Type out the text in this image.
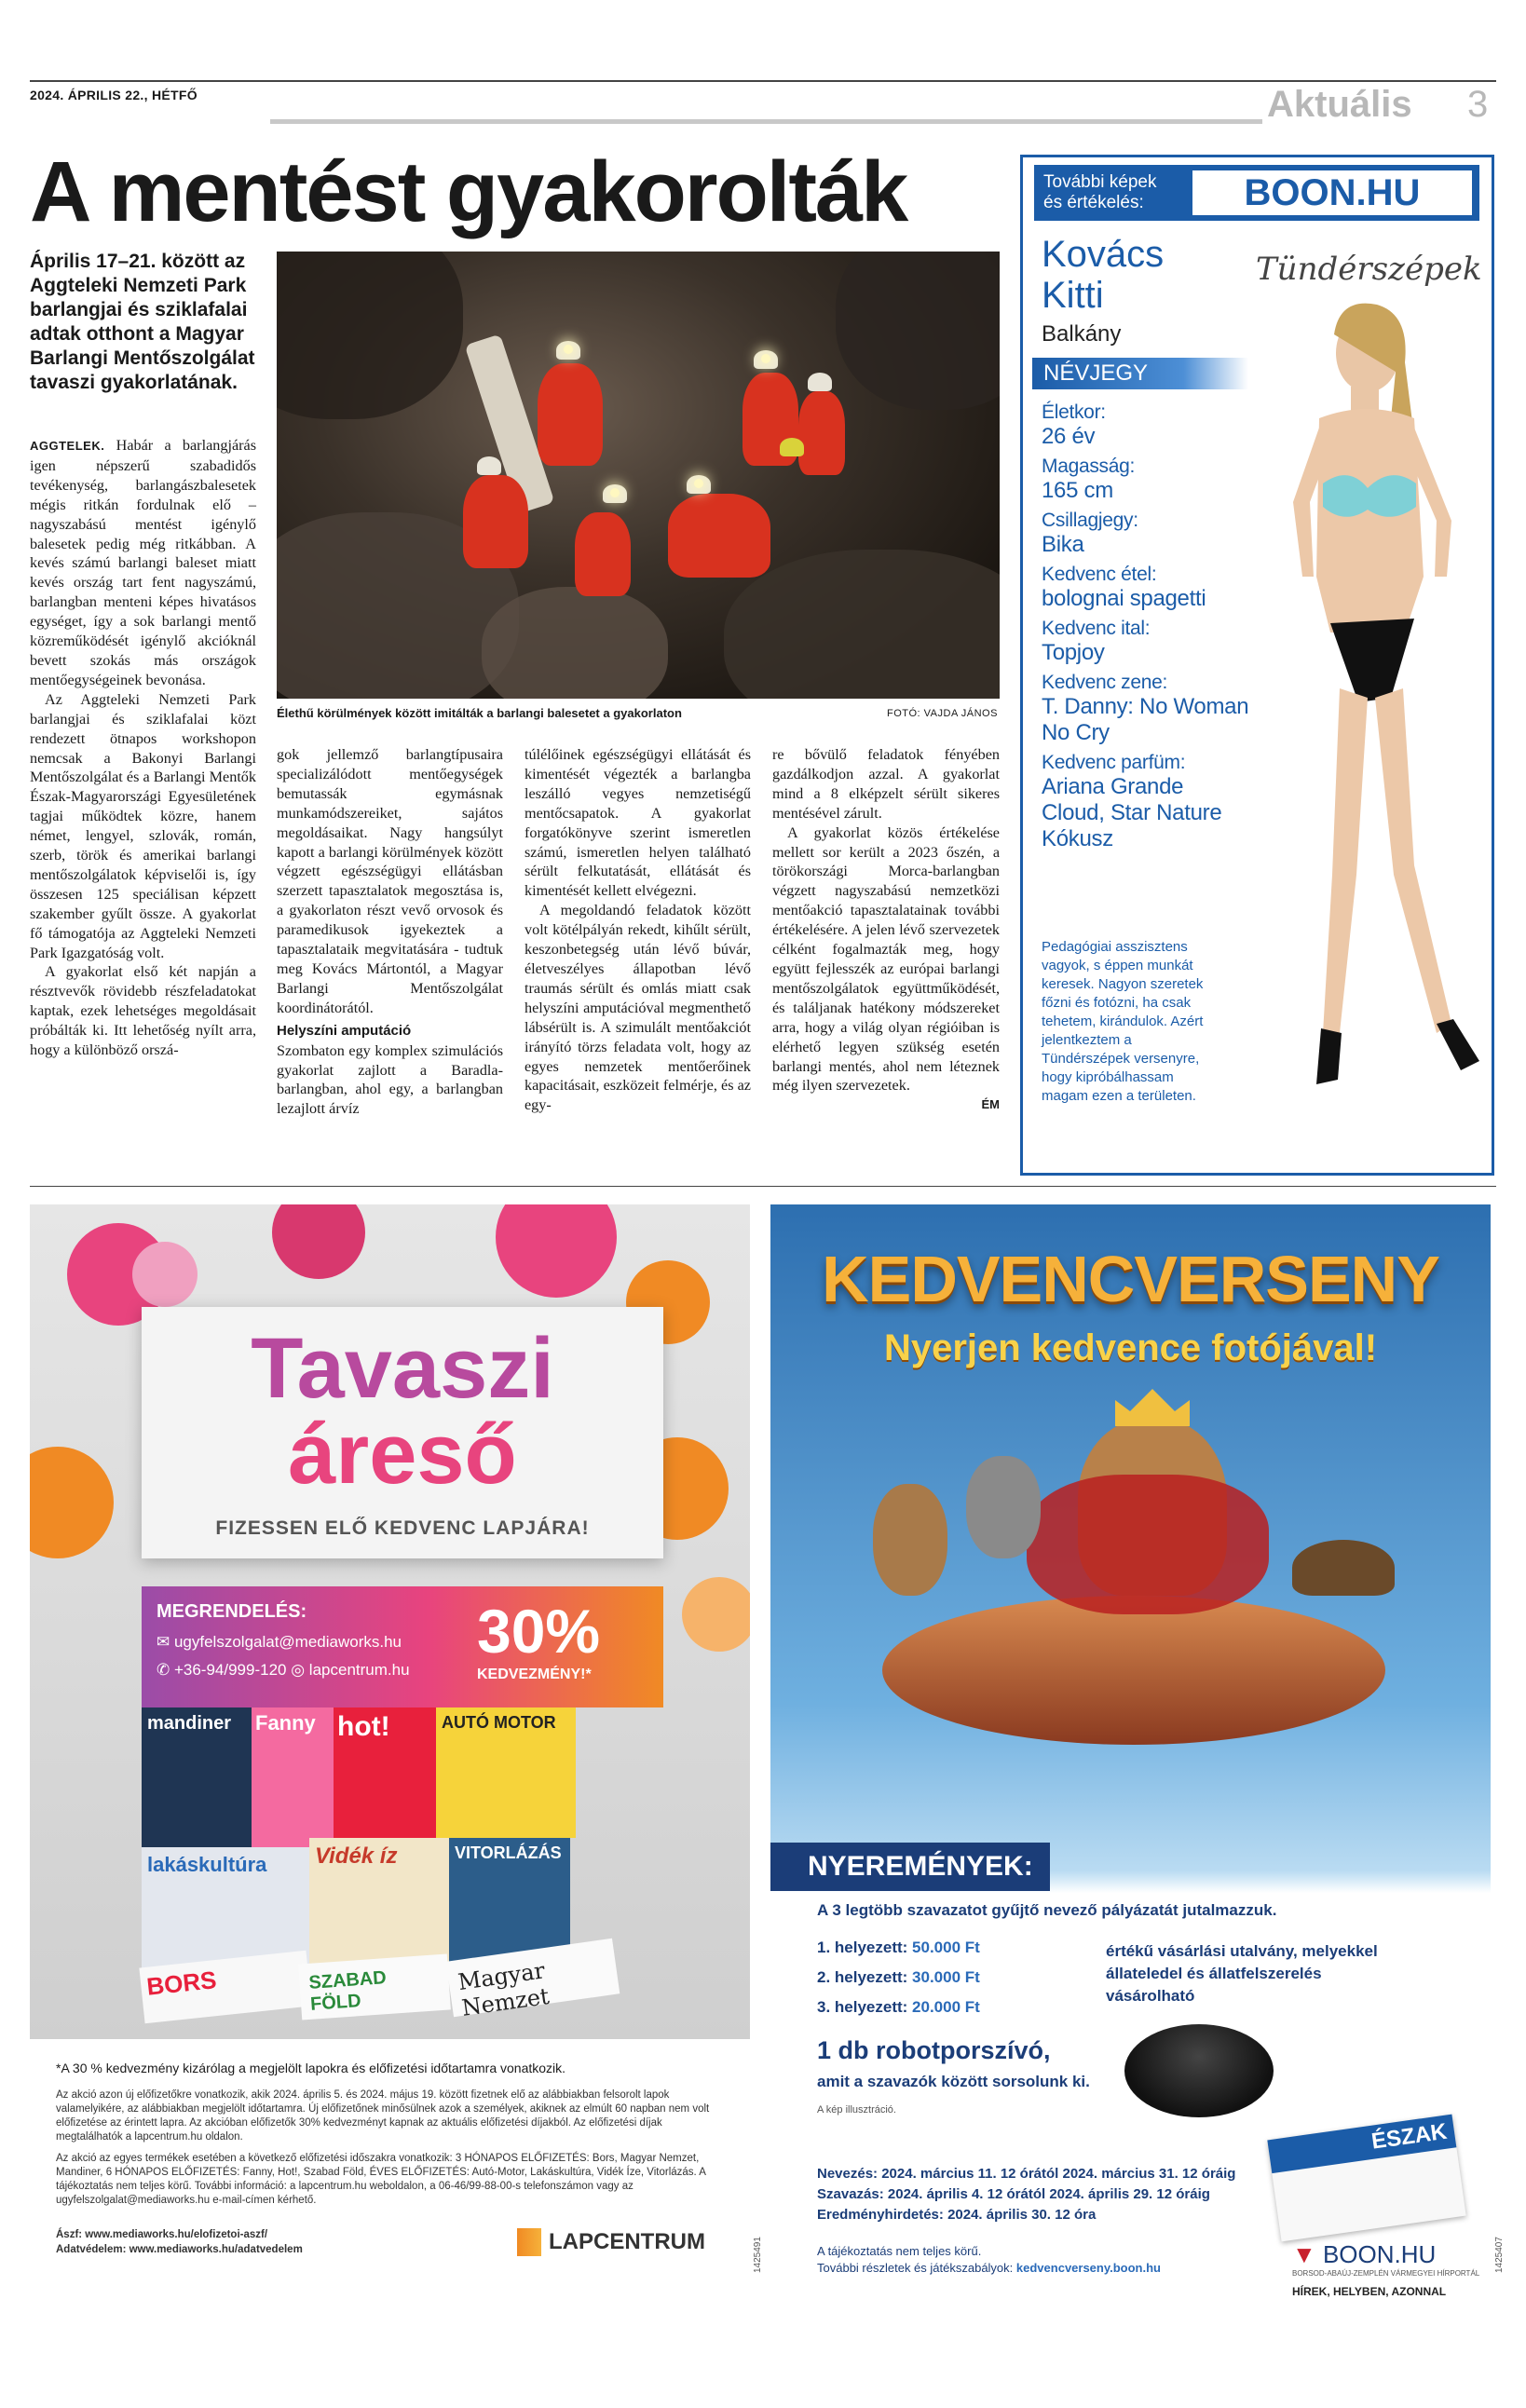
2024. ÁPRILIS 22., HÉTFŐ	Aktuális 3
A mentést gyakorolták
Április 17–21. között az Aggteleki Nemzeti Park barlangjai és sziklafalai adtak otthont a Magyar Barlangi Mentőszolgálat tavaszi gyakorlatának.
Élethű körülmények között imitálták a barlangi balesetet a gyakorlaton	FOTÓ: VAJDA JÁNOS

AGGTELEK. Habár a barlangjárás igen népszerű szabadidős tevékenység, barlangászbalesetek mégis ritkán fordulnak elő – nagyszabású mentést igénylő balesetek pedig még ritkábban. A kevés számú barlangi baleset miatt kevés ország tart fent nagyszámú, barlangban menteni képes hivatásos egységet, így a sok barlangi mentő közreműködését igénylő akcióknál bevett szokás más országok mentőegységeinek bevonása.

Az Aggteleki Nemzeti Park barlangjai és sziklafalai közt rendezett ötnapos workshopon nemcsak a Bakonyi Barlangi Mentőszolgálat és a Barlangi Mentők Észak-Magyarországi Egyesületének tagjai működtek közre, hanem német, lengyel, szlovák, román, szerb, török és amerikai barlangi mentőszolgálatok képviselői is, így összesen 125 speciálisan képzett szakember gyűlt össze. A gyakorlat fő támogatója az Aggteleki Nemzeti Park Igazgatóság volt.

A gyakorlat első két napján a résztvevők rövidebb részfeladatokat kaptak, ezek lehetséges megoldásait próbálták ki. Itt lehetőség nyílt arra, hogy a különböző orszá-

gok jellemző barlangtípusaira specializálódott mentőegységek bemutassák egymásnak munkamódszereiket, sajátos megoldásaikat. Nagy hangsúlyt kapott a barlangi körülmények között végzett egészségügyi ellátásban szerzett tapasztalatok megosztása is, a gyakorlaton részt vevő orvosok és paramedikusok igyekeztek a tapasztalataik megvitatására - tudtuk meg Kovács Mártontól, a Magyar Barlangi Mentőszolgálat koordinátorától.

Helyszíni amputáció

Szombaton egy komplex szimulációs gyakorlat zajlott a Baradla-barlangban, ahol egy, a barlangban lezajlott árvíz

túlélőinek egészségügyi ellátását és kimentését végezték a barlangba leszálló vegyes nemzetiségű mentőcsapatok. A gyakorlat forgatókönyve szerint ismeretlen számú, ismeretlen helyen található sérült felkutatását, ellátását és kimentését kellett elvégezni.

A megoldandó feladatok között volt kötélpályán rekedt, kihűlt sérült, keszonbetegség után lévő búvár, életveszélyes állapotban lévő traumás sérült és omlás miatt csak helyszíni amputációval megmenthető lábsérült is. A szimulált mentőakciót irányító törzs feladata volt, hogy az egyes nemzetek mentőerőinek kapacitásait, eszközeit felmérje, és az egy-

re bővülő feladatok fényében gazdálkodjon azzal. A gyakorlat mind a 8 elképzelt sérült sikeres mentésével zárult.

A gyakorlat közös értékelése mellett sor került a 2023 őszén, a törökországi Morca-barlangban végzett nagyszabású nemzetközi mentőakció tapasztalatainak további értékelésére. A jelen lévő szervezetek célként fogalmazták meg, hogy együtt fejlesszék az európai barlangi mentőszolgálatok együttműködését, és találjanak hatékony módszereket arra, hogy a világ olyan régióiban is elérhető legyen szükség esetén barlangi mentés, ahol nem léteznek még ilyen szervezetek.

ÉM
További képek
és értékelés:	BOON.HU
Tündérszépek
Kovács
Kitti
Balkány
NÉVJEGY
Életkor:
26 év
Magasság:
165 cm
Csillagjegy:
Bika
Kedvenc étel:
bolognai spagetti
Kedvenc ital:
Topjoy
Kedvenc zene:
T. Danny: No Woman No Cry
Kedvenc parfüm:
Ariana Grande Cloud, Star Nature Kókusz
Pedagógiai asszisztens vagyok, s éppen munkát keresek. Nagyon szeretek főzni és fotózni, ha csak tehetem, kirándulok. Azért jelentkeztem a Tündérszépek versenyre, hogy kipróbálhassam magam ezen a területen.
Tavaszi
áreső
FIZESSEN ELŐ KEDVENC LAPJÁRA!
MEGRENDELÉS:
✉ ugyfelszolgalat@mediaworks.hu
✆ +36-94/999-120 ◎ lapcentrum.hu
30%
KEDVEZMÉNY!*
mandiner	Fanny hot!	AUTÓ MOTOR
lakáskultúra	Vidék íz	VITORLÁZÁS
BORS	SZABAD FÖLD
Magyar Nemzet
*A 30 % kedvezmény kizárólag a megjelölt lapokra és előfizetési időtartamra vonatkozik.
Az akció azon új előfizetőkre vonatkozik, akik 2024. április 5. és 2024. május 19. között fizetnek elő az alábbiakban felsorolt lapok valamelyikére, az alábbiakban megjelölt időtartamra. Új előfizetőnek minősülnek azok a személyek, akiknek az elmúlt 60 napban nem volt előfizetése az érintett lapra. Az akcióban előfizetők 30% kedvezményt kapnak az aktuális előfizetési díjakból. Az előfizetési díjak megtalálhatók a lapcentrum.hu oldalon.
Az akció az egyes termékek esetében a következő előfizetési időszakra vonatkozik: 3 HÓNAPOS ELŐFIZETÉS: Bors, Magyar Nemzet, Mandiner, 6 HÓNAPOS ELŐFIZETÉS: Fanny, Hot!, Szabad Föld, ÉVES ELŐFIZETÉS: Autó-Motor, Lakáskultúra, Vidék Íze, Vitorlázás. A tájékoztatás nem teljes körű. További információ: a lapcentrum.hu weboldalon, a 06-46/99-88-00-s telefonszámon vagy az ugyfelszolgalat@mediaworks.hu e-mail-címen kérhető.
Ászf: www.mediaworks.hu/elofizetoi-aszf/
Adatvédelem: www.mediaworks.hu/adatvedelem	LAPCENTRUM	1425491
KEDVENCVERSENY
Nyerjen kedvence fotójával!
NYEREMÉNYEK:
A 3 legtöbb szavazatot gyűjtő nevező pályázatát jutalmazzuk.
1. helyezett: 50.000 Ft
2. helyezett: 30.000 Ft
3. helyezett: 20.000 Ft
értékű vásárlási utalvány, melyekkel állateledel és állatfelszerelés vásárolható
1 db robotporszívó,
amit a szavazók között sorsolunk ki.
A kép illusztráció.
Nevezés: 2024. március 11. 12 órától 2024. március 31. 12 óráig
Szavazás: 2024. április 4. 12 órától 2024. április 29. 12 óráig
Eredményhirdetés: 2024. április 30. 12 óra
A tájékoztatás nem teljes körű.
További részletek és játékszabályok: kedvencverseny.boon.hu
ÉSZAK
▼ BOON.HU
BORSOD-ABAÚJ-ZEMPLÉN VÁRMEGYEI HÍRPORTÁL
HÍREK, HELYBEN, AZONNAL
1425407
